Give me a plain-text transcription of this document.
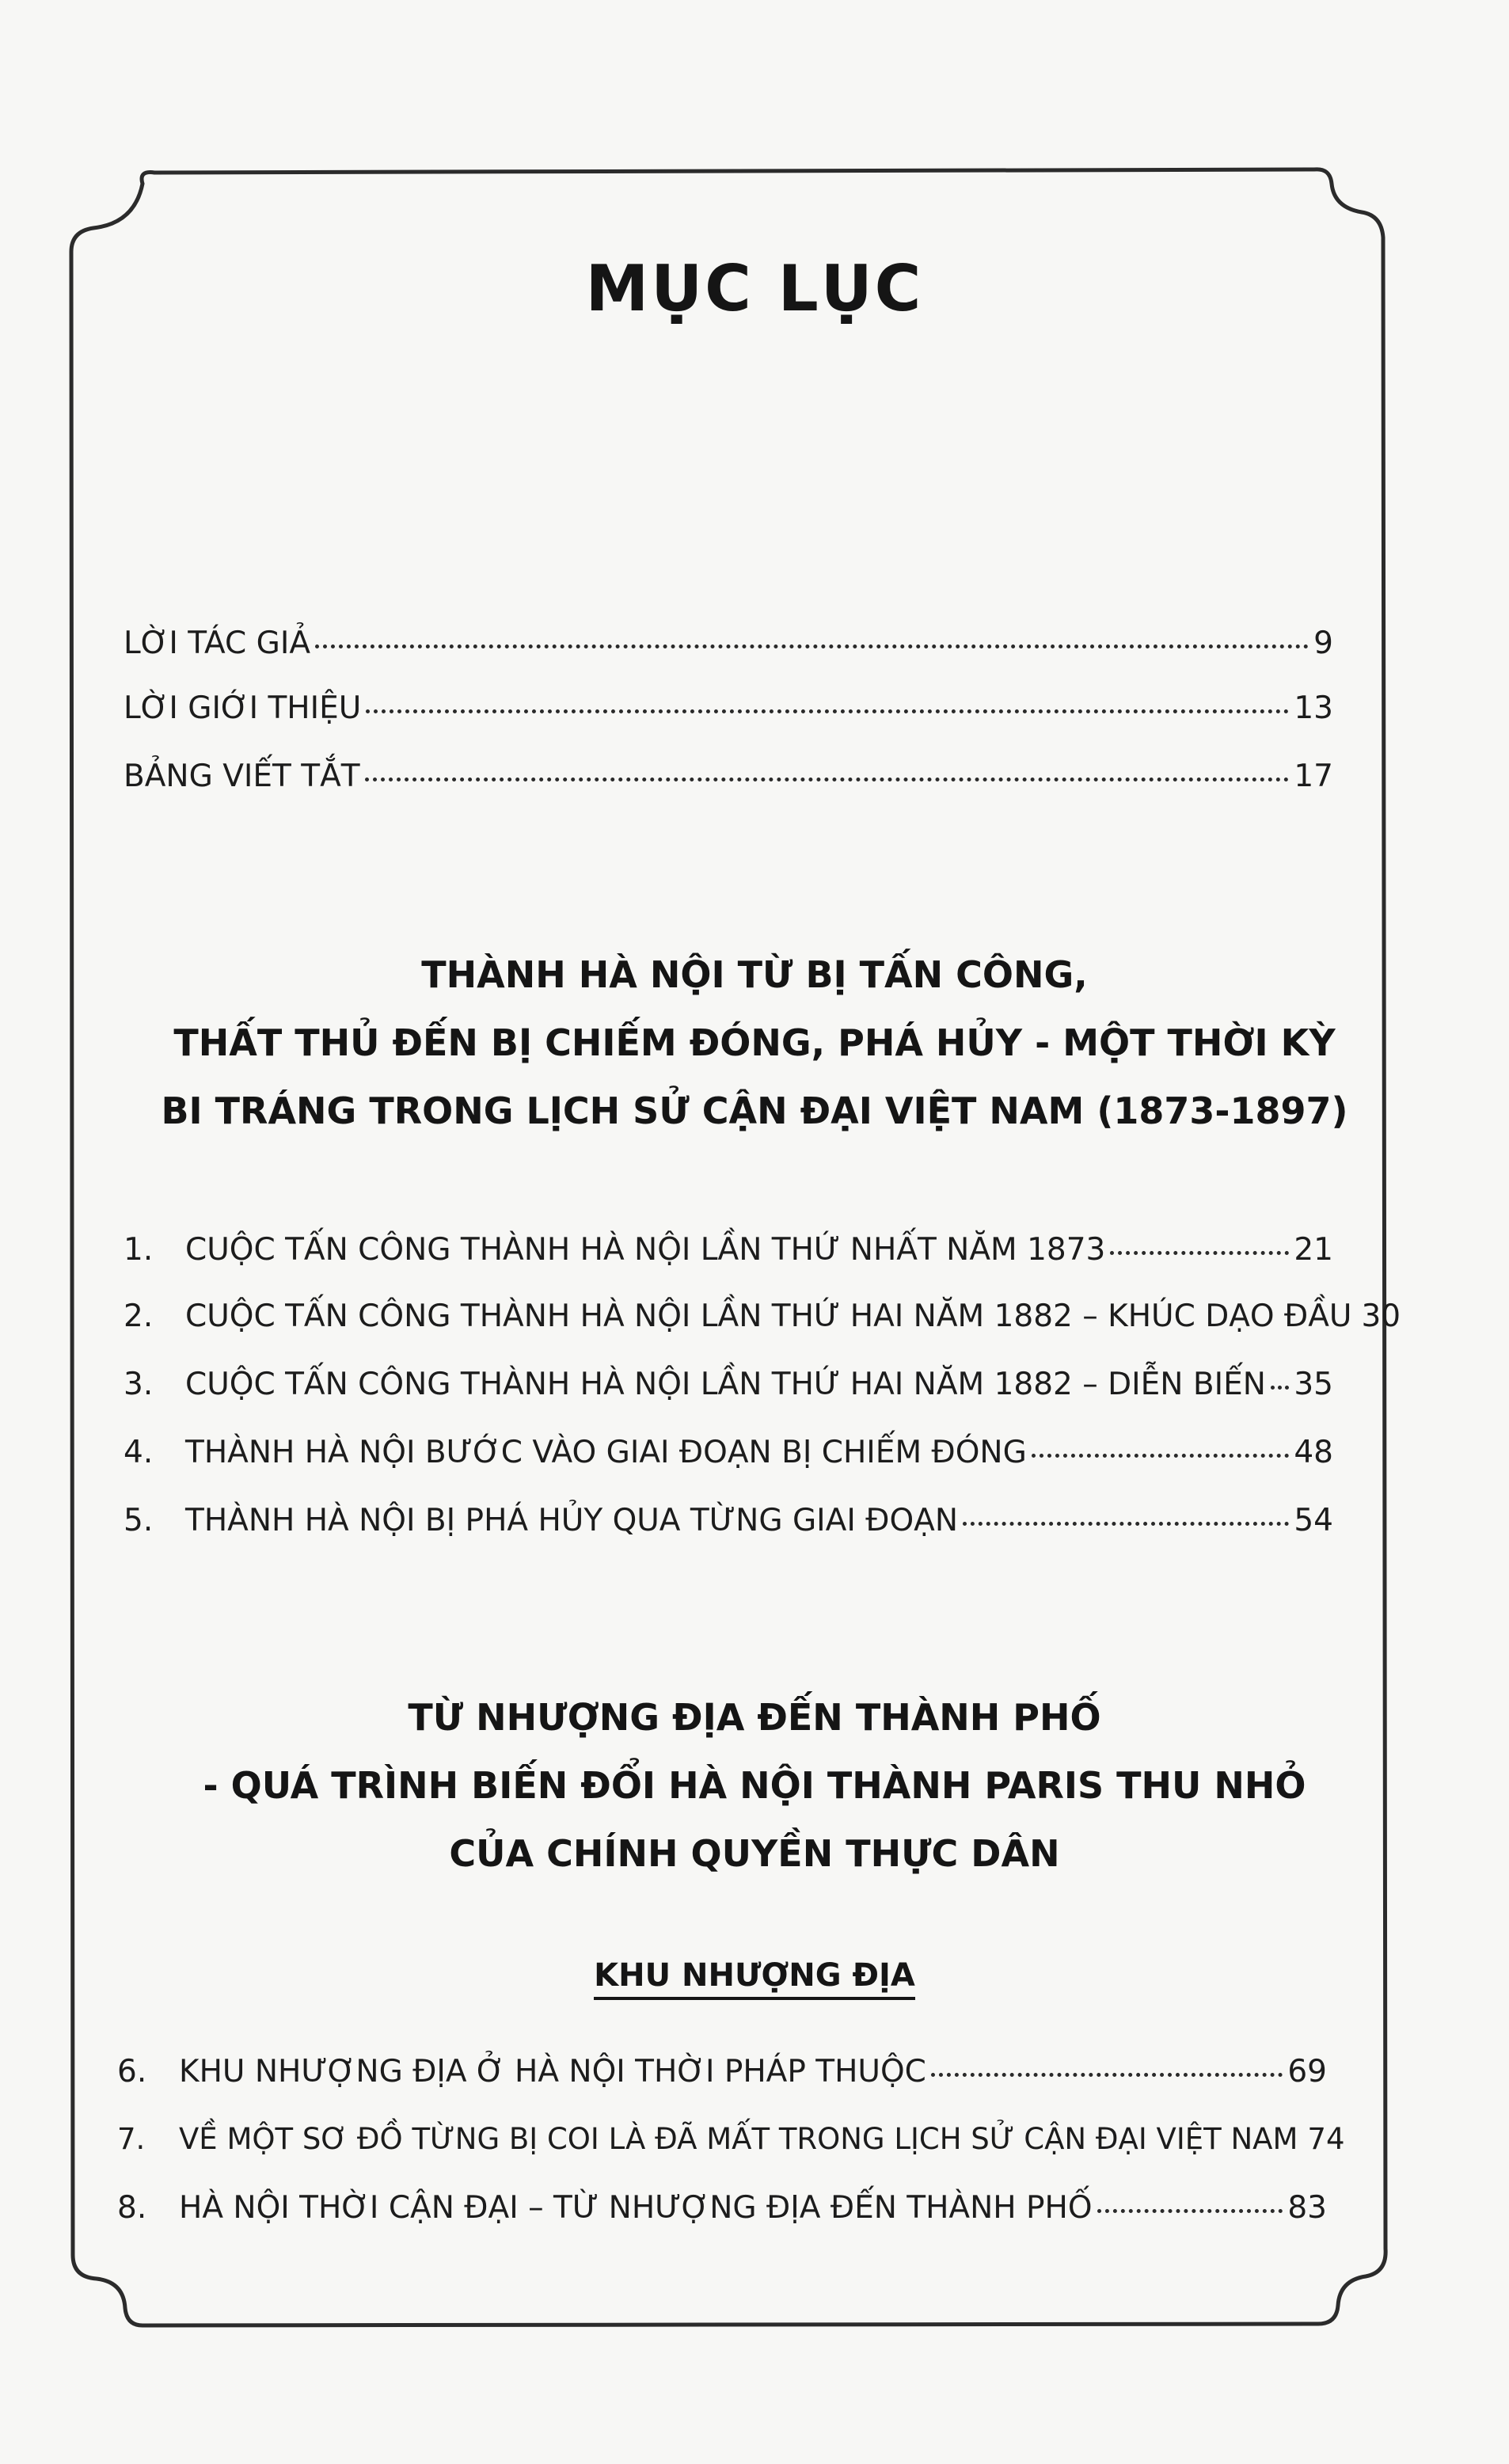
MỤC LỤC
LỜI TÁC GIẢ	9
LỜI GIỚI THIỆU	13
BẢNG VIẾT TẮT	17
THÀNH HÀ NỘI TỪ BỊ TẤN CÔNG,
THẤT THỦ ĐẾN BỊ CHIẾM ĐÓNG, PHÁ HỦY - MỘT THỜI KỲ
BI TRÁNG TRONG LỊCH SỬ CẬN ĐẠI VIỆT NAM (1873-1897)
1.	CUỘC TẤN CÔNG THÀNH HÀ NỘI LẦN THỨ NHẤT NĂM 1873	21
2.	CUỘC TẤN CÔNG THÀNH HÀ NỘI LẦN THỨ HAI NĂM 1882 – KHÚC DẠO ĐẦU 30
3.	CUỘC TẤN CÔNG THÀNH HÀ NỘI LẦN THỨ HAI NĂM 1882 – DIỄN BIẾN 35
4.	THÀNH HÀ NỘI BƯỚC VÀO GIAI ĐOẠN BỊ CHIẾM ĐÓNG	48
5.	THÀNH HÀ NỘI BỊ PHÁ HỦY QUA TỪNG GIAI ĐOẠN	54
TỪ NHƯỢNG ĐỊA ĐẾN THÀNH PHỐ
- QUÁ TRÌNH BIẾN ĐỔI HÀ NỘI THÀNH PARIS THU NHỎ
CỦA CHÍNH QUYỀN THỰC DÂN
KHU NHƯỢNG ĐỊA
6.	KHU NHƯỢNG ĐỊA Ở HÀ NỘI THỜI PHÁP THUỘC	69
7.	VỀ MỘT SƠ ĐỒ TỪNG BỊ COI LÀ ĐÃ MẤT TRONG LỊCH SỬ CẬN ĐẠI VIỆT NAM 74
8.	HÀ NỘI THỜI CẬN ĐẠI – TỪ NHƯỢNG ĐỊA ĐẾN THÀNH PHỐ	83
